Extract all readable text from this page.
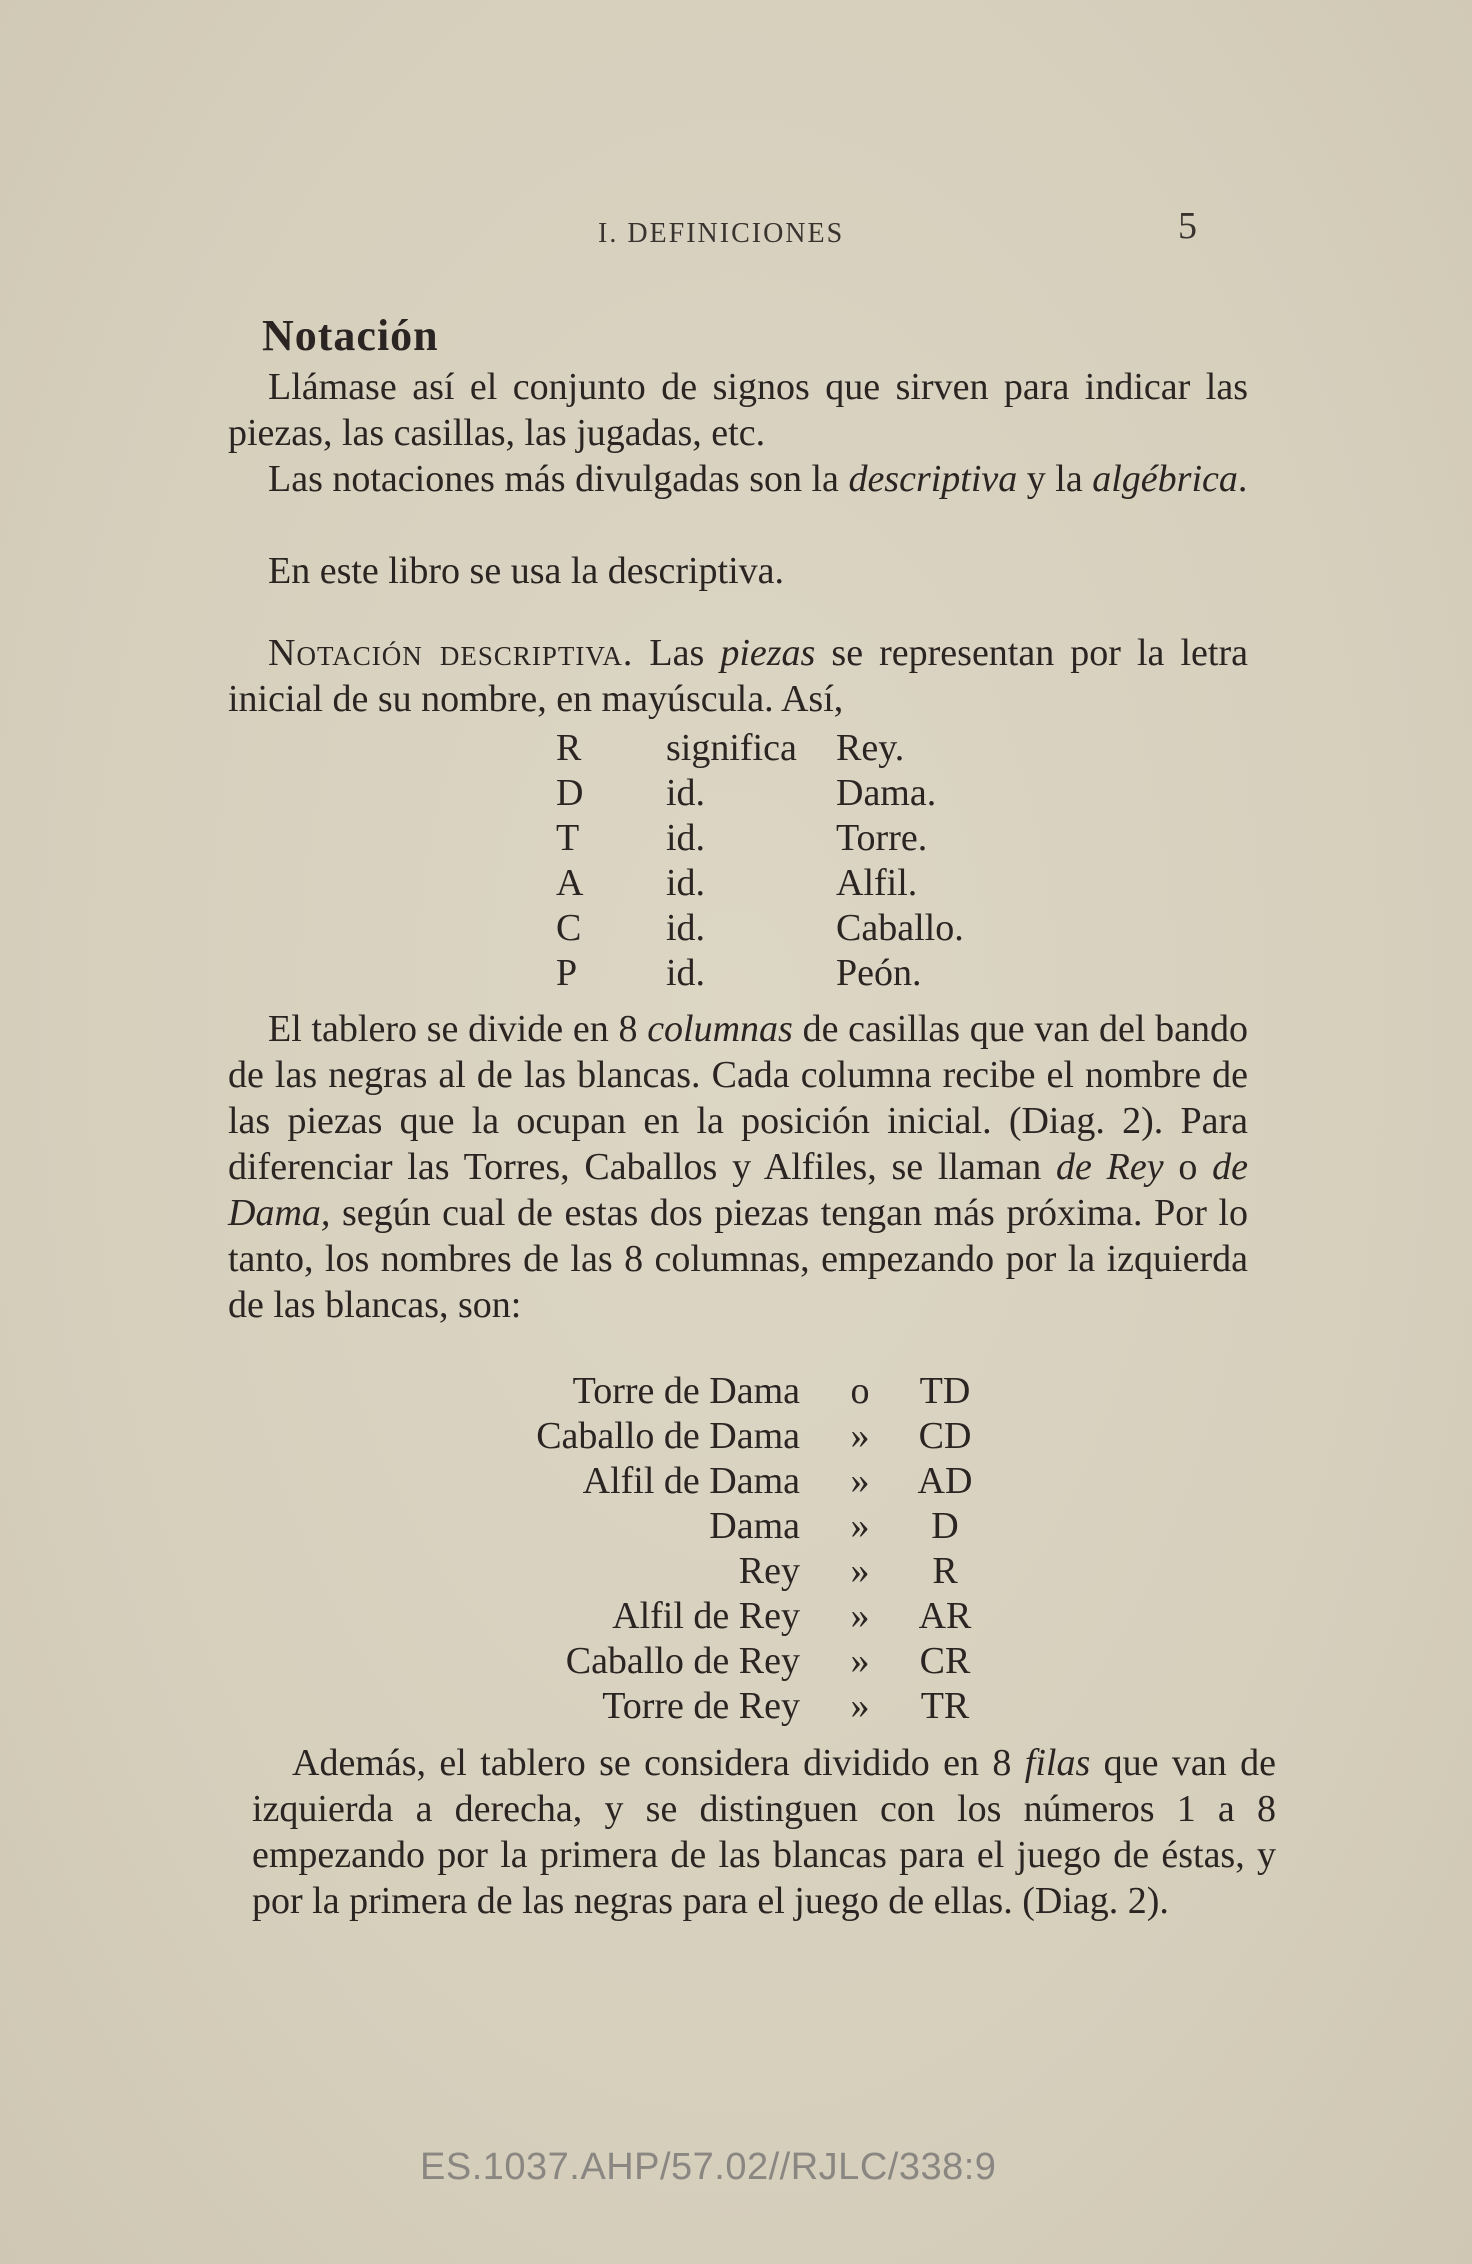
I. DEFINICIONES	5
Notación
Llámase así el conjunto de signos que sirven para indicar las piezas, las casillas, las jugadas, etc.
Las notaciones más divulgadas son la descriptiva y la algébrica.
En este libro se usa la descriptiva.
Notación descriptiva. Las piezas se representan por la letra inicial de su nombre, en mayúscula. Así,
R	significa	Rey.
D	id.	Dama.
T	id.	Torre.
A	id.	Alfil.
C	id.	Caballo.
P	id.	Peón.
El tablero se divide en 8 columnas de casillas que van del bando de las negras al de las blancas. Cada columna recibe el nombre de las piezas que la ocupan en la posición inicial. (Diag. 2). Para diferenciar las Torres, Caballos y Alfiles, se llaman de Rey o de Dama, según cual de estas dos piezas tengan más próxima. Por lo tanto, los nombres de las 8 columnas, empezando por la izquierda de las blancas, son:
Torre de Dama	o	TD
Caballo de Dama	»	CD
Alfil de Dama	»	AD
Dama	»	D
Rey	»	R
Alfil de Rey	»	AR
Caballo de Rey	»	CR
Torre de Rey	»	TR
Además, el tablero se considera dividido en 8 filas que van de izquierda a derecha, y se distinguen con los números 1 a 8 empezando por la primera de las blancas para el juego de éstas, y por la primera de las negras para el juego de ellas. (Diag. 2).
ES.1037.AHP/57.02//RJLC/338:9
